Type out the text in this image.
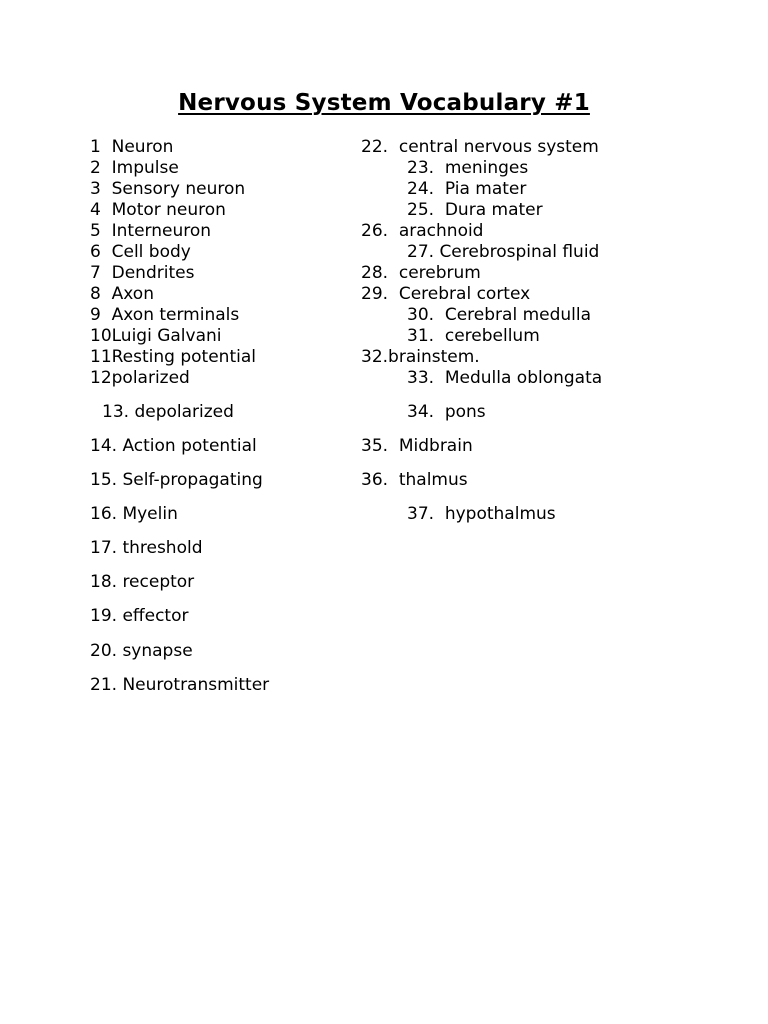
Nervous System Vocabulary #1
1  Neuron
2  Impulse
3  Sensory neuron
4  Motor neuron
5  Interneuron
6  Cell body
7  Dendrites
8  Axon
9  Axon terminals
10Luigi Galvani
11Resting potential
12polarized
13. depolarized
14. Action potential
15. Self-propagating
16. Myelin
17. threshold
18. receptor
19. effector
20. synapse
21. Neurotransmitter
22.  central nervous system
23.  meninges
24.  Pia mater
25.  Dura mater
26.  arachnoid
27. Cerebrospinal fluid
28.  cerebrum
29.  Cerebral cortex
30.  Cerebral medulla
31.  cerebellum
32.brainstem.
33.  Medulla oblongata
34.  pons
35.  Midbrain
36.  thalmus
37.  hypothalmus
